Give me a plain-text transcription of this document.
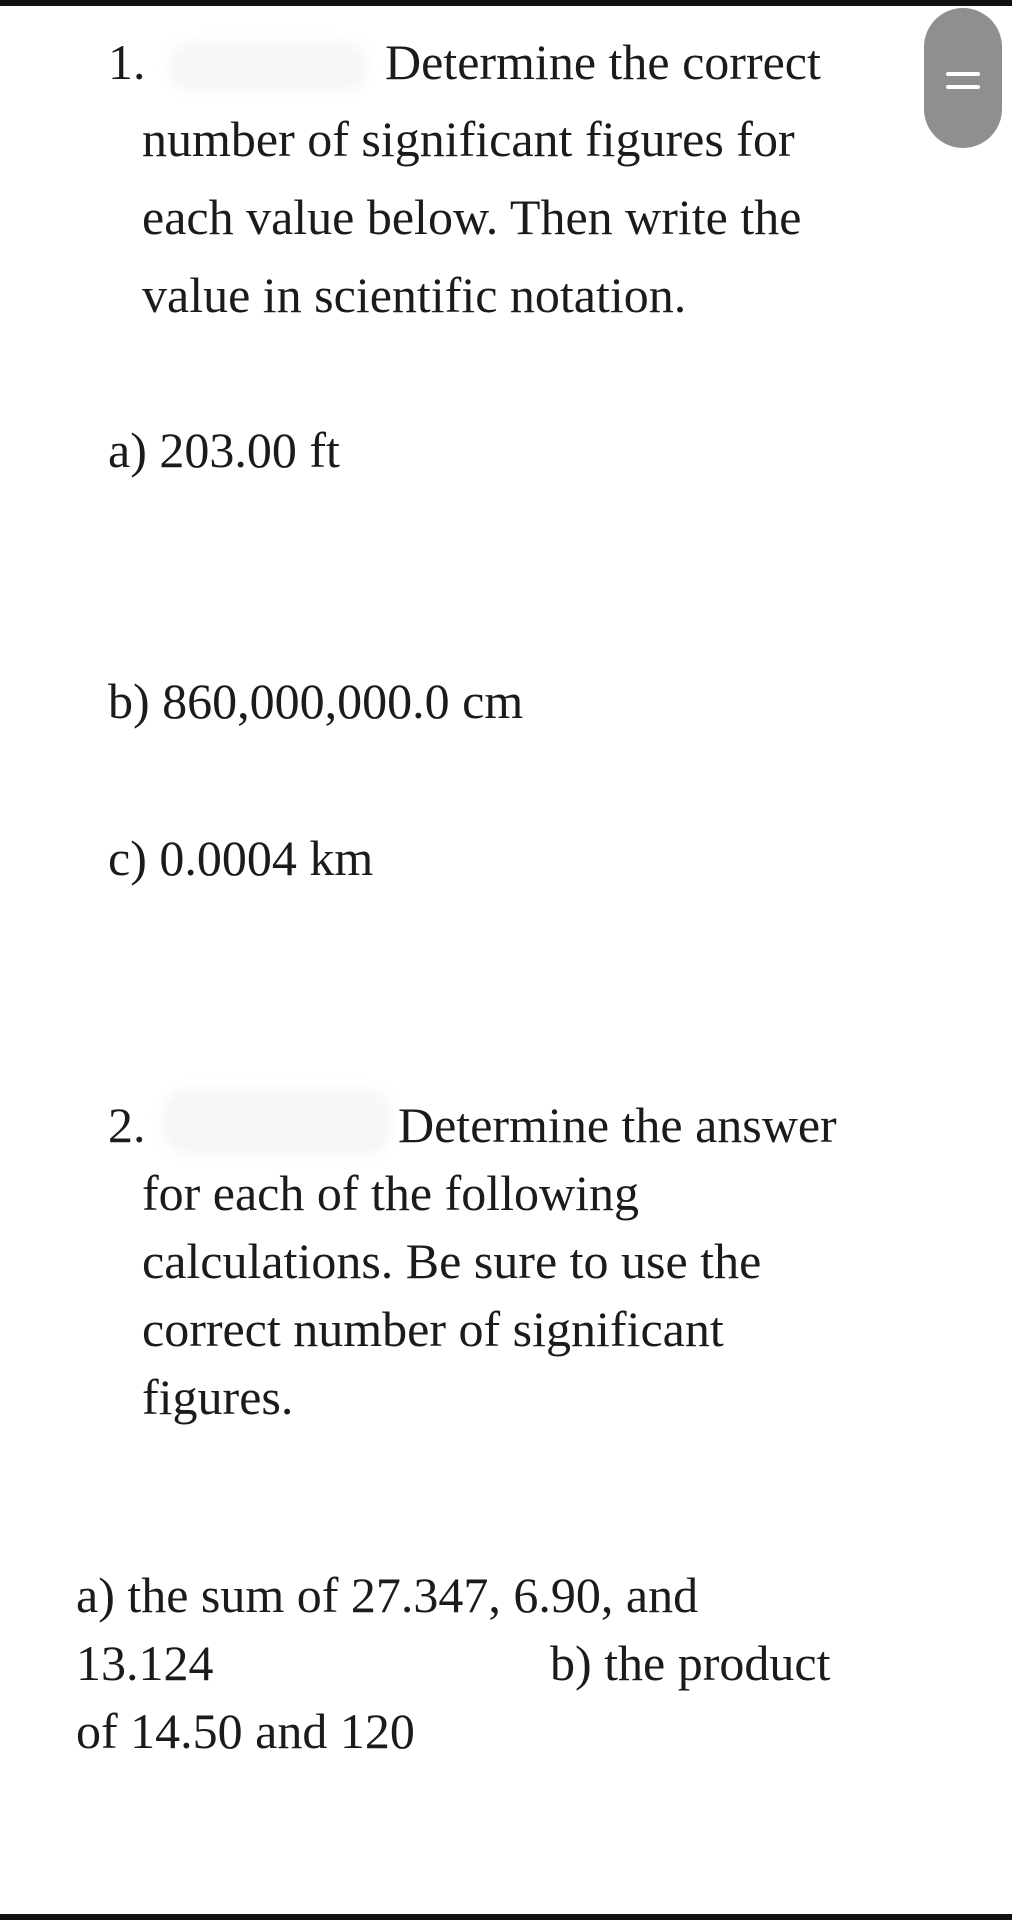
1.	Determine the correct
number of significant figures for
each value below. Then write the
value in scientific notation.
a) 203.00 ft
b) 860,000,000.0 cm
c) 0.0004 km
2.	Determine the answer
for each of the following
calculations. Be sure to use the
correct number of significant
figures.
a) the sum of 27.347, 6.90, and
13.124	b) the product
of 14.50 and 120
